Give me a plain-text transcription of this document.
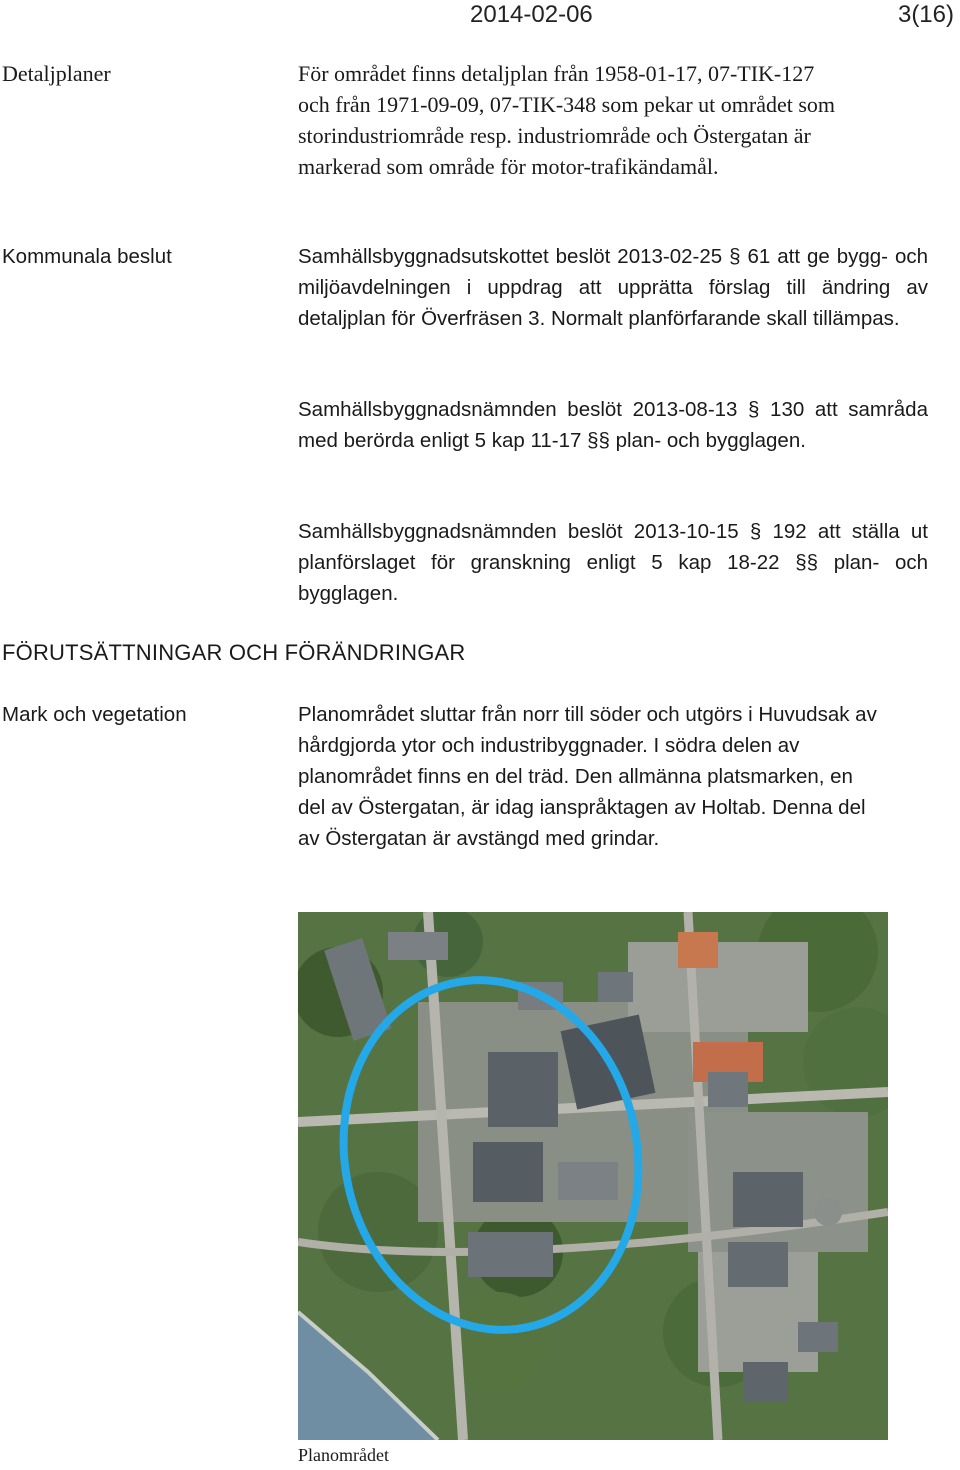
2014-02-06	3(16)
Detaljplaner	För området finns detaljplan från 1958-01-17, 07-TIK-127 och från 1971-09-09, 07-TIK-348 som pekar ut området som storindustriområde resp. industriområde och Östergatan är markerad som område för motor-trafikändamål.
Kommunala beslut	Samhällsbyggnadsutskottet beslöt 2013-02-25 § 61 att ge bygg- och miljöavdelningen i uppdrag att upprätta förslag till ändring av detaljplan för Överfräsen 3. Normalt planförfarande skall tillämpas.
Samhällsbyggnadsnämnden beslöt 2013-08-13 § 130 att samråda med berörda enligt 5 kap 11-17 §§ plan- och bygglagen.
Samhällsbyggnadsnämnden beslöt 2013-10-15 § 192 att ställa ut planförslaget för granskning enligt 5 kap 18-22 §§ plan- och bygglagen.
FÖRUTSÄTTNINGAR OCH FÖRÄNDRINGAR
Mark och vegetation	Planområdet sluttar från norr till söder och utgörs i Huvudsak av hårdgjorda ytor och industribyggnader. I södra delen av planområdet finns en del träd. Den allmänna platsmarken, en del av Östergatan, är idag ianspråktagen av Holtab. Denna del av Östergatan är avstängd med grindar.
Planområdet
